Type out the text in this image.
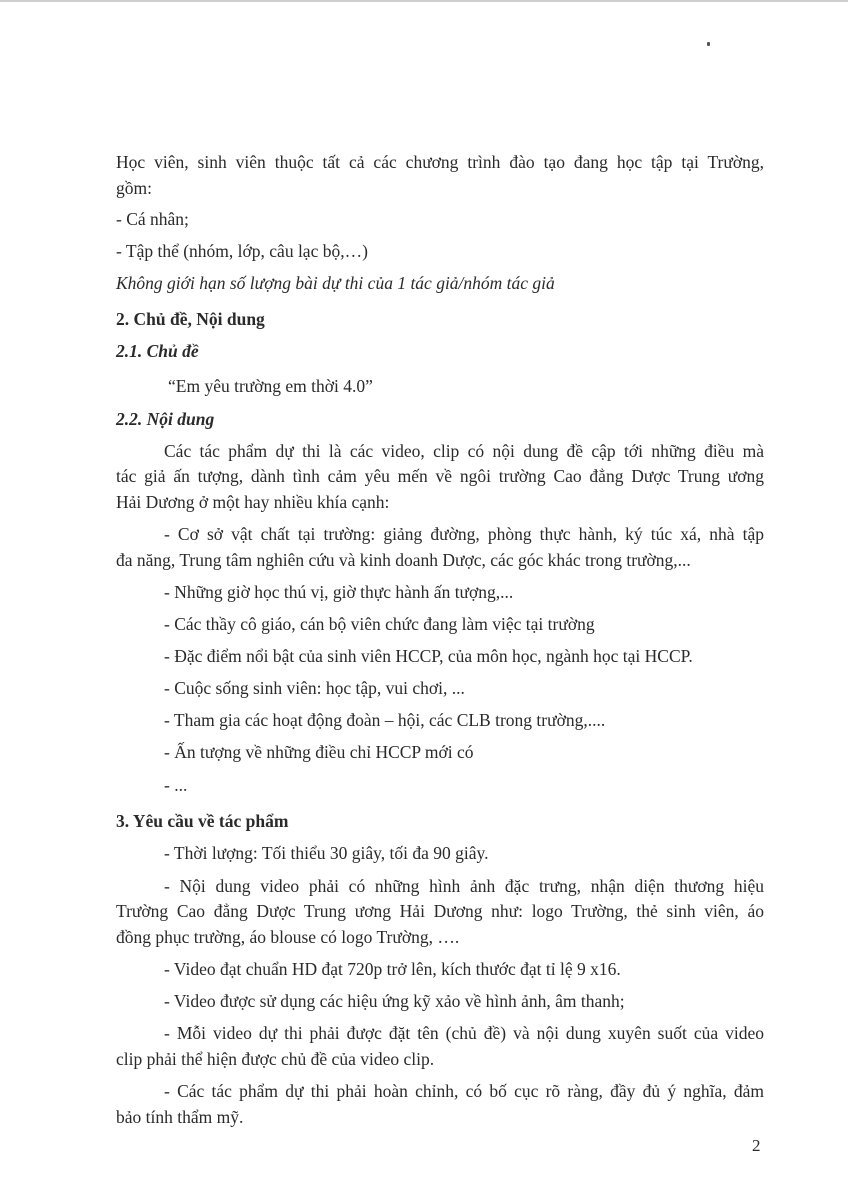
Học viên, sinh viên thuộc tất cả các chương trình đào tạo đang học tập tại Trường,
gồm:
- Cá nhân;
- Tập thể (nhóm, lớp, câu lạc bộ,…)
Không giới hạn số lượng bài dự thi của 1 tác giả/nhóm tác giả
2. Chủ đề, Nội dung
2.1. Chủ đề
“Em yêu trường em thời 4.0”
2.2. Nội dung
Các tác phẩm dự thi là các video, clip có nội dung đề cập tới những điều mà
tác giả ấn tượng, dành tình cảm yêu mến về ngôi trường Cao đẳng Dược Trung ương
Hải Dương ở một hay nhiều khía cạnh:
- Cơ sở vật chất tại trường: giảng đường, phòng thực hành, ký túc xá, nhà tập
đa năng, Trung tâm nghiên cứu và kinh doanh Dược, các góc khác trong trường,...
- Những giờ học thú vị, giờ thực hành ấn tượng,...
- Các thầy cô giáo, cán bộ viên chức đang làm việc tại trường
- Đặc điểm nổi bật của sinh viên HCCP, của môn học, ngành học tại HCCP.
- Cuộc sống sinh viên: học tập, vui chơi, ...
- Tham gia các hoạt động đoàn – hội, các CLB trong trường,....
- Ấn tượng về những điều chỉ HCCP mới có
- ...
3. Yêu cầu về tác phẩm
- Thời lượng: Tối thiểu 30 giây, tối đa 90 giây.
- Nội dung video phải có những hình ảnh đặc trưng, nhận diện thương hiệu
Trường Cao đẳng Dược Trung ương Hải Dương như: logo Trường, thẻ sinh viên, áo
đồng phục trường, áo blouse có logo Trường, ….
- Video đạt chuẩn HD đạt 720p trở lên, kích thước đạt tỉ lệ 9 x16.
- Video được sử dụng các hiệu ứng kỹ xảo về hình ảnh, âm thanh;
- Mỗi video dự thi phải được đặt tên (chủ đề) và nội dung xuyên suốt của video
clip phải thể hiện được chủ đề của video clip.
- Các tác phẩm dự thi phải hoàn chỉnh, có bố cục rõ ràng, đầy đủ ý nghĩa, đảm
bảo tính thẩm mỹ.
2
